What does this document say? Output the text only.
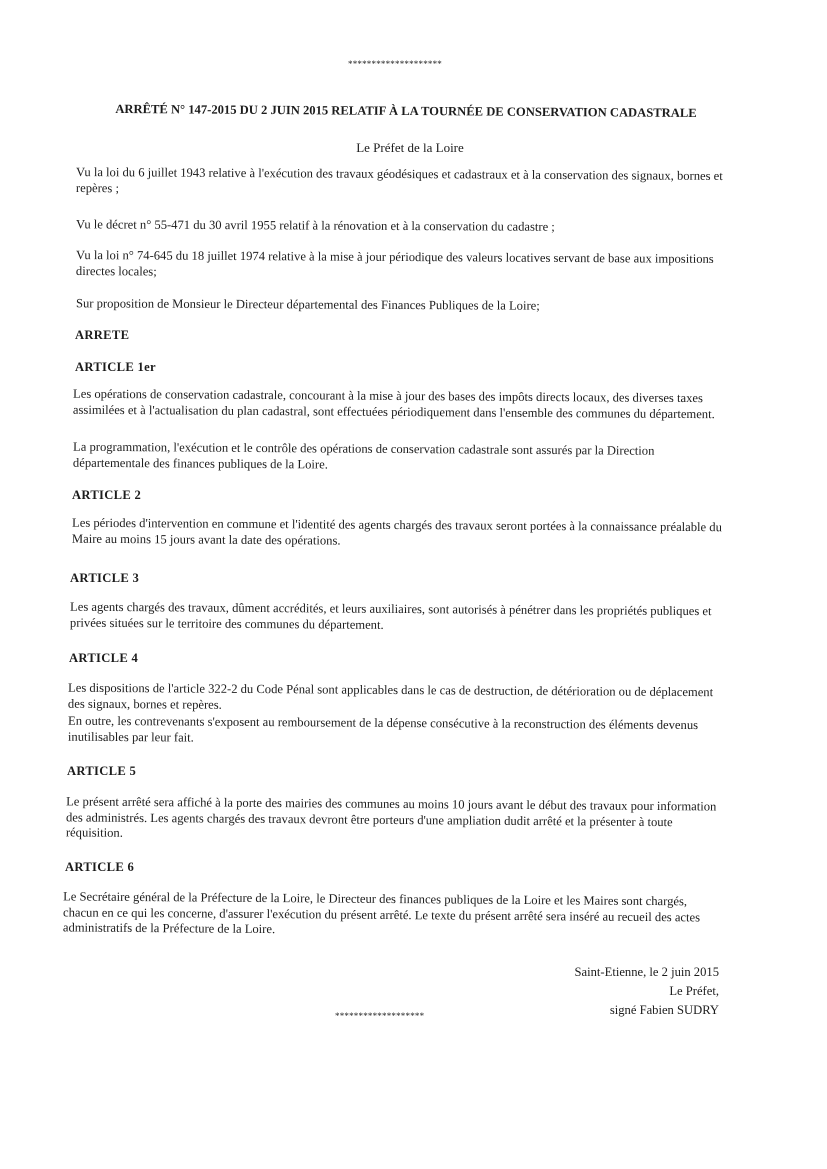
********************
ARRÊTÉ N° 147-2015 DU 2 JUIN 2015 RELATIF À LA TOURNÉE DE CONSERVATION CADASTRALE
Le Préfet de la Loire

Vu la loi du 6 juillet 1943 relative à l'exécution des travaux géodésiques et cadastraux et à la conservation des signaux, bornes et repères ;

Vu le décret n° 55-471 du 30 avril 1955 relatif à la rénovation et à la conservation du cadastre ;

Vu la loi n° 74-645 du 18 juillet 1974 relative à la mise à jour périodique des valeurs locatives servant de base aux impositions directes locales;

Sur proposition de Monsieur le Directeur départemental des Finances Publiques de la Loire;

ARRETE

ARTICLE 1er

Les opérations de conservation cadastrale, concourant à la mise à jour des bases des impôts directs locaux, des diverses taxes assimilées et à l'actualisation du plan cadastral, sont effectuées périodiquement dans l'ensemble des communes du département.

La programmation, l'exécution et le contrôle des opérations de conservation cadastrale sont assurés par la Direction départementale des finances publiques de la Loire.

ARTICLE 2

Les périodes d'intervention en commune et l'identité des agents chargés des travaux seront portées à la connaissance préalable du Maire au moins 15 jours avant la date des opérations.

ARTICLE 3

Les agents chargés des travaux, dûment accrédités, et leurs auxiliaires, sont autorisés à pénétrer dans les propriétés publiques et privées situées sur le territoire des communes du département.

ARTICLE 4

Les dispositions de l'article 322-2 du Code Pénal sont applicables dans le cas de destruction, de détérioration ou de déplacement des signaux, bornes et repères.

En outre, les contrevenants s'exposent au remboursement de la dépense consécutive à la reconstruction des éléments devenus inutilisables par leur fait.

ARTICLE 5

Le présent arrêté sera affiché à la porte des mairies des communes au moins 10 jours avant le début des travaux pour information des administrés. Les agents chargés des travaux devront être porteurs d'une ampliation dudit arrêté et la présenter à toute réquisition.

ARTICLE 6

Le Secrétaire général de la Préfecture de la Loire, le Directeur des finances publiques de la Loire et les Maires sont chargés, chacun en ce qui les concerne, d'assurer l'exécution du présent arrêté. Le texte du présent arrêté sera inséré au recueil des actes administratifs de la Préfecture de la Loire.

Saint-Etienne, le 2 juin 2015
Le Préfet,
signé Fabien SUDRY
*******************
